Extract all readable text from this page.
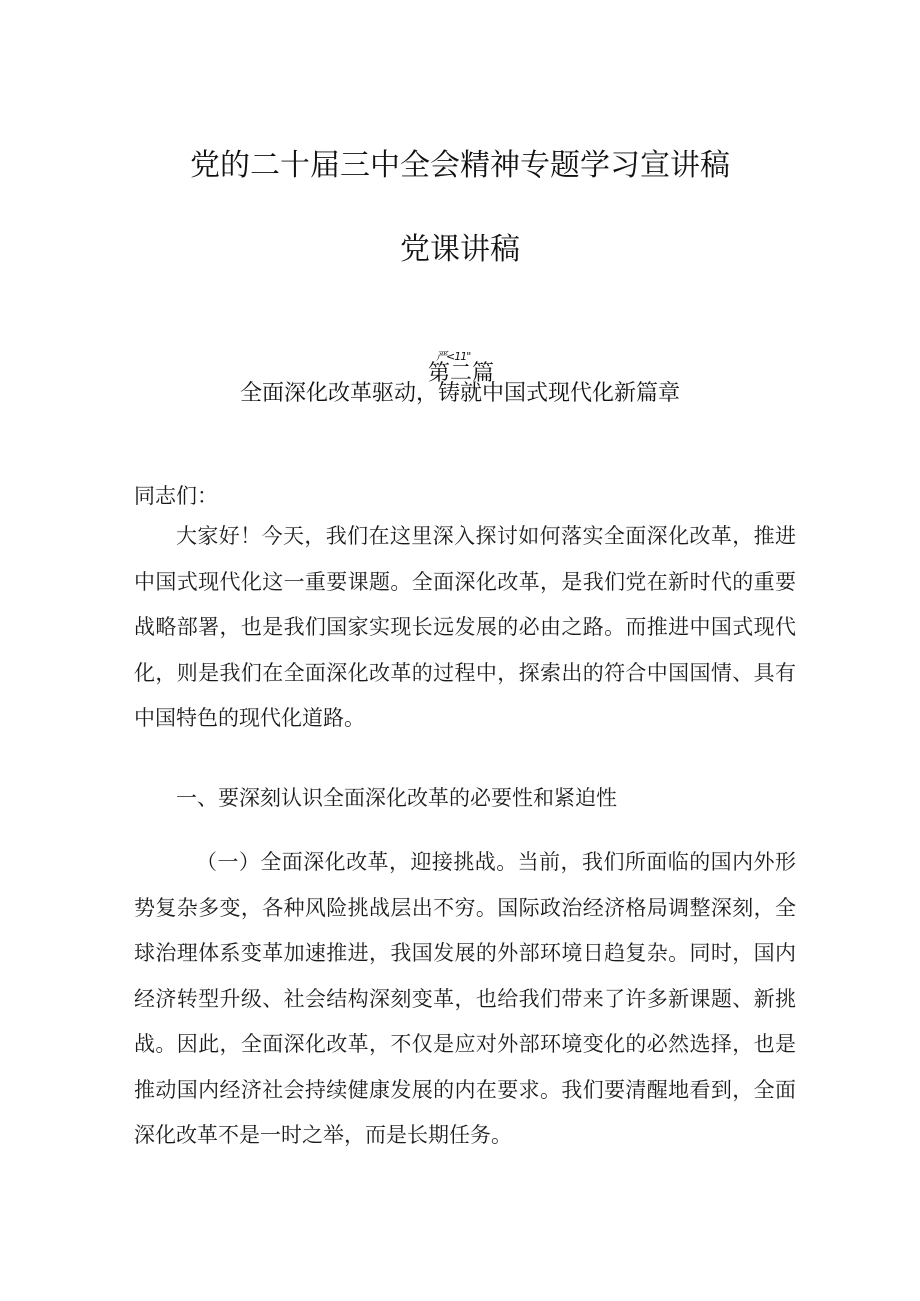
党的二十届三中全会精神专题学习宣讲稿
党课讲稿
严<11"
第二篇
全面深化改革驱动，铸就中国式现代化新篇章
同志们：

大家好！今天，我们在这里深入探讨如何落实全面深化改革，推进中国式现代化这一重要课题。全面深化改革，是我们党在新时代的重要战略部署，也是我们国家实现长远发展的必由之路。而推进中国式现代化，则是我们在全面深化改革的过程中，探索出的符合中国国情、具有中国特色的现代化道路。

一、要深刻认识全面深化改革的必要性和紧迫性

（一）全面深化改革，迎接挑战。当前，我们所面临的国内外形势复杂多变，各种风险挑战层出不穷。国际政治经济格局调整深刻，全球治理体系变革加速推进，我国发展的外部环境日趋复杂。同时，国内经济转型升级、社会结构深刻变革，也给我们带来了许多新课题、新挑战。因此，全面深化改革，不仅是应对外部环境变化的必然选择，也是推动国内经济社会持续健康发展的内在要求。我们要清醒地看到，全面深化改革不是一时之举，而是长期任务。
